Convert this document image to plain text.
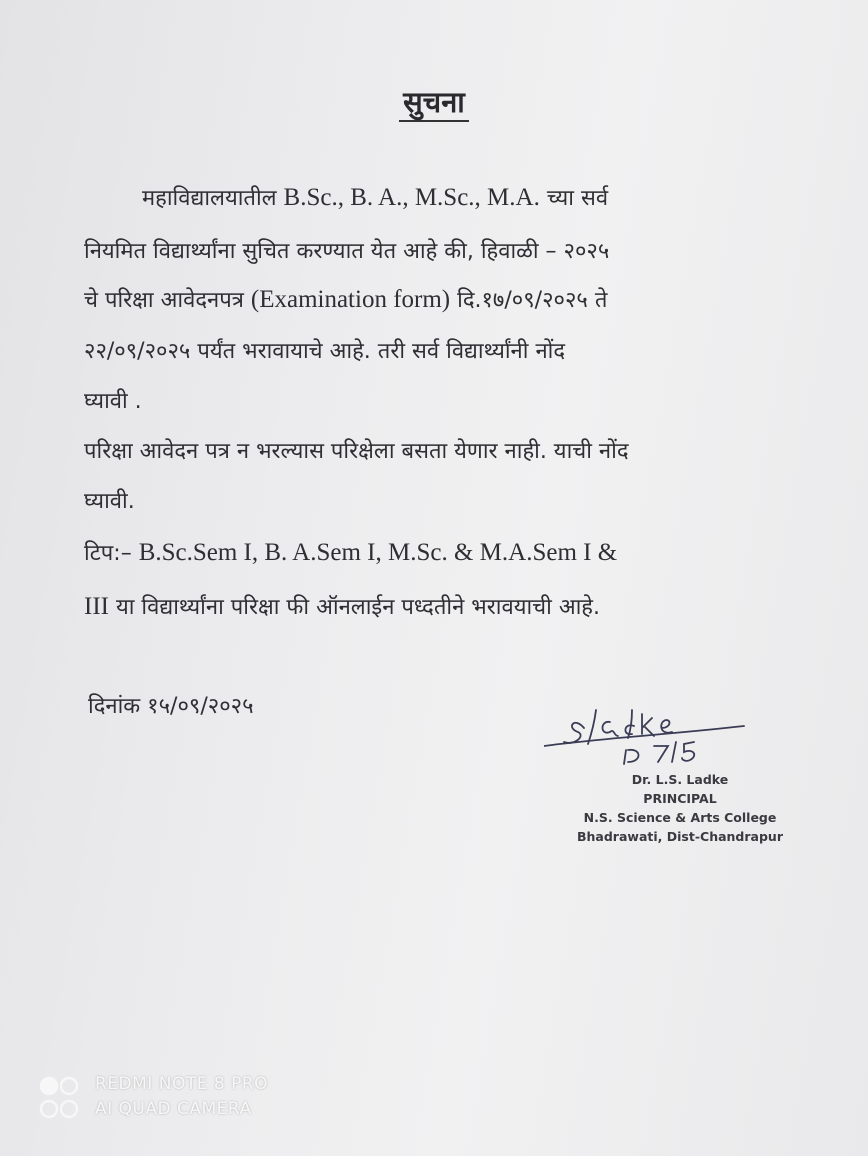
सुचना
महाविद्यालयातील B.Sc., B. A., M.Sc., M.A. च्या सर्व
नियमित विद्यार्थ्यांना सुचित करण्यात येत आहे की, हिवाळी – २०२५
चे परिक्षा आवेदनपत्र (Examination form) दि.१७/०९/२०२५ ते
२२/०९/२०२५ पर्यंत भरावायाचे आहे. तरी सर्व विद्यार्थ्यांनी नोंद
घ्यावी .
परिक्षा आवेदन पत्र न भरल्यास परिक्षेला बसता येणार नाही. याची नोंद
घ्यावी.
टिप:– B.Sc.Sem I, B. A.Sem I, M.Sc. & M.A.Sem I &
III या विद्यार्थ्यांना परिक्षा फी ऑनलाईन पध्दतीने भरावयाची आहे.
दिनांक १५/०९/२०२५
Dr. L.S. Ladke
PRINCIPAL
N.S. Science & Arts College
Bhadrawati, Dist-Chandrapur
REDMI NOTE 8 PRO
AI QUAD CAMERA
